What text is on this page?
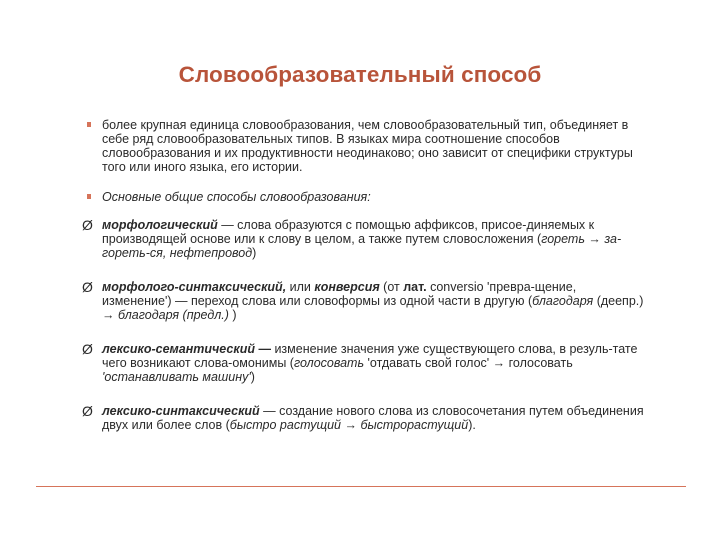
Словообразовательный способ
более крупная единица словообразования, чем словообразовательный тип, объединяет в себе ряд словообразовательных типов. В языках мира соотношение способов словообразования и их продуктивности неодинаково; оно зависит от специфики структуры того или иного языка, его истории.
Основные общие способы словообразования:
Ø морфологический — слова образуются с помощью аффиксов, присое-диняемых к производящей основе или к слову в целом, а также путем словосложения (гореть → за-гореть-ся, нефтепровод)
Ø морфолого-синтаксический, или конверсия (от лат. conversio 'превра-щение, изменение') — переход слова или словоформы из одной части в другую (благодаря (деепр.) → благодаря (предл.) )
Ø лексико-семантический — изменение значения уже существующего слова, в резуль-тате чего возникают слова-омонимы (голосовать 'отдавать свой голос' → голосовать 'останавливать машину')
Ø лексико-синтаксический — создание нового слова из словосочетания путем объединения двух или более слов (быстро растущий → быстрорастущий).
